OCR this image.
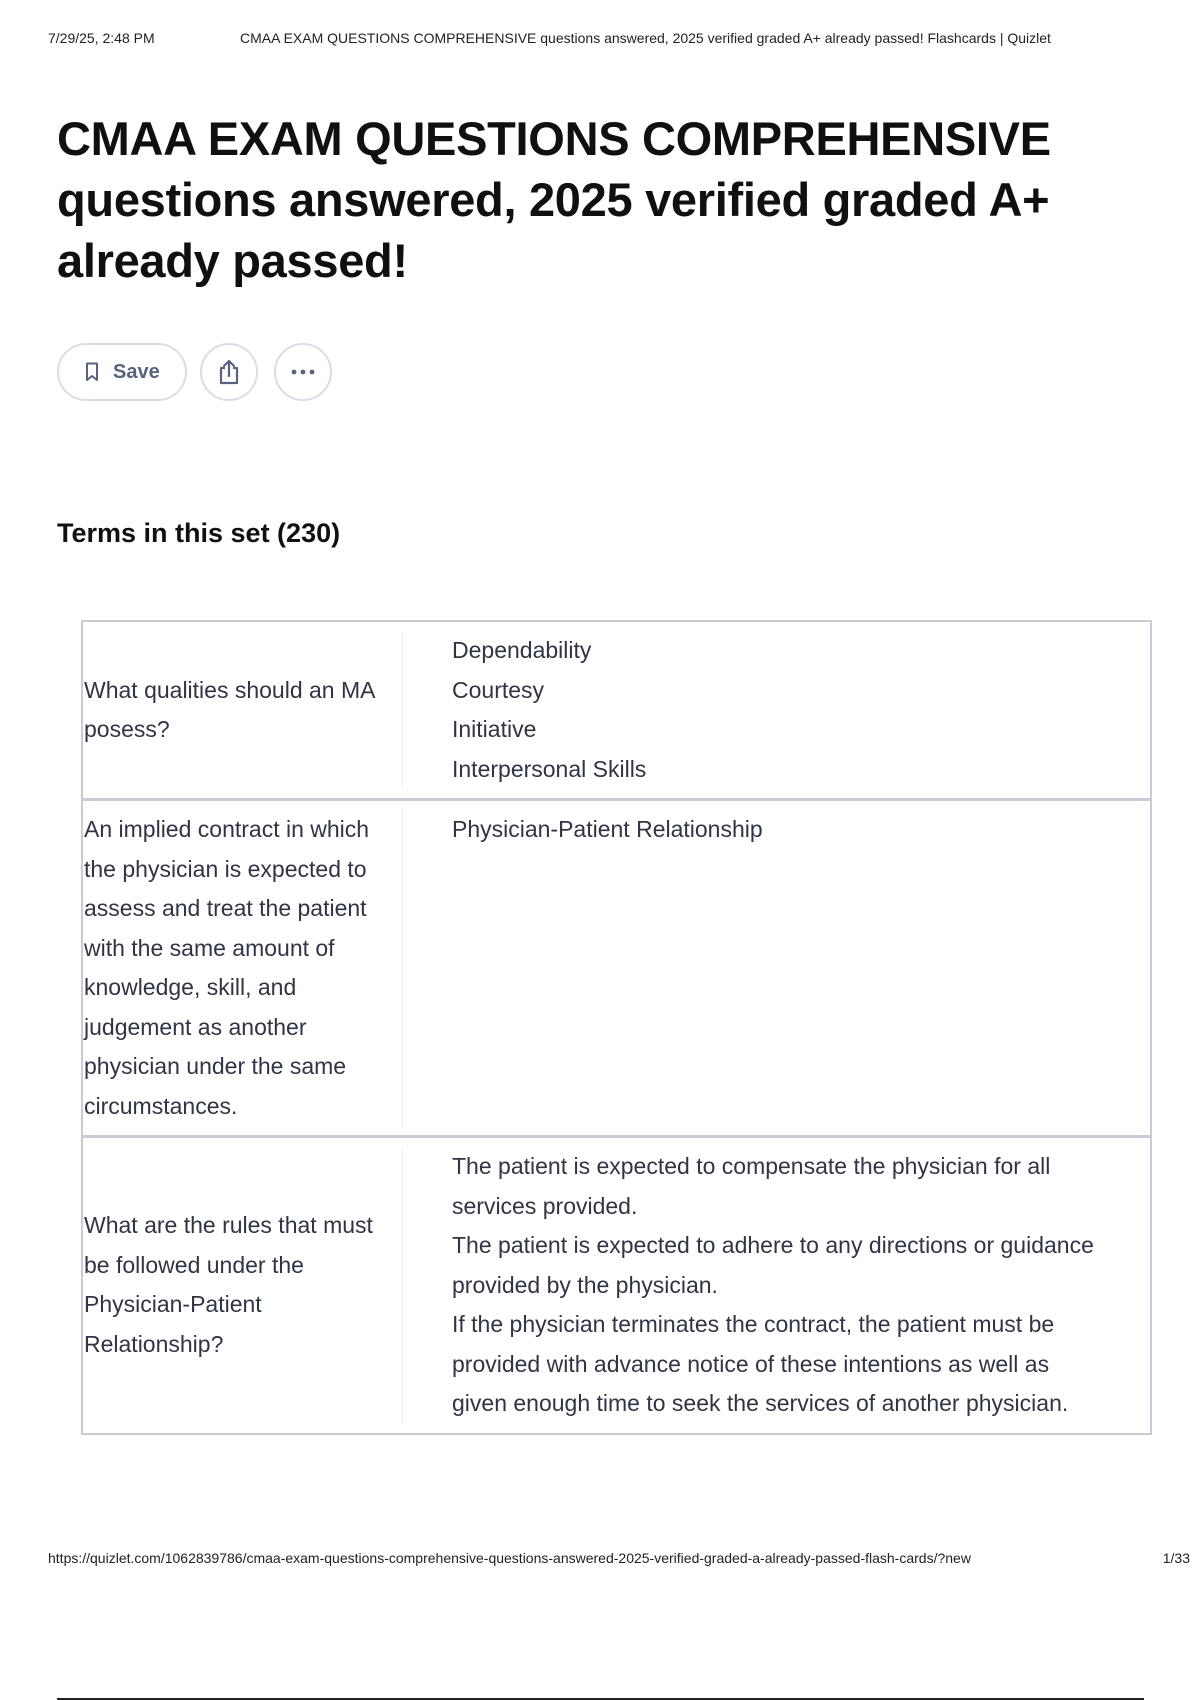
7/29/25, 2:48 PM	CMAA EXAM QUESTIONS COMPREHENSIVE questions answered, 2025 verified graded A+ already passed! Flashcards | Quizlet
CMAA EXAM QUESTIONS COMPREHENSIVE questions answered, 2025 verified graded A+ already passed!
Save
Terms in this set (230)
What qualities should an MA posess?
Dependability
Courtesy
Initiative
Interpersonal Skills
An implied contract in which the physician is expected to assess and treat the patient with the same amount of knowledge, skill, and judgement as another physician under the same circumstances.
Physician-Patient Relationship
What are the rules that must be followed under the Physician-Patient Relationship?
The patient is expected to compensate the physician for all services provided.
The patient is expected to adhere to any directions or guidance provided by the physician.
If the physician terminates the contract, the patient must be provided with advance notice of these intentions as well as given enough time to seek the services of another physician.
https://quizlet.com/1062839786/cmaa-exam-questions-comprehensive-questions-answered-2025-verified-graded-a-already-passed-flash-cards/?new	1/33
